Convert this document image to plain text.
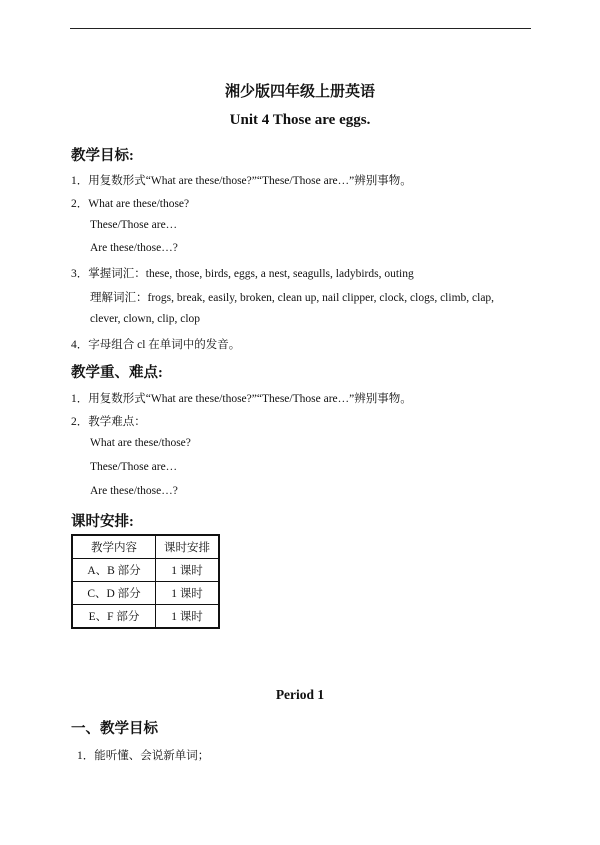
湘少版四年级上册英语
Unit 4 Those are eggs.
教学目标:
1．用复数形式“What are these/those?”“These/Those are…”辨别事物。
2．What are these/those?
These/Those are…
Are these/those…?
3．掌握词汇：these, those, birds, eggs, a nest, seagulls, ladybirds, outing
理解词汇：frogs, break, easily, broken, clean up, nail clipper, clock, clogs, climb, clap,
clever, clown, clip, clop
4．字母组合 cl 在单词中的发音。
教学重、难点:
1．用复数形式“What are these/those?”“These/Those are…”辨别事物。
2．教学难点：
What are these/those?
These/Those are…
Are these/those…?
课时安排:
教学内容	课时安排
A、B 部分	1 课时
C、D 部分	1 课时
E、F 部分	1 课时
Period 1
一、教学目标
1．能听懂、会说新单词；
